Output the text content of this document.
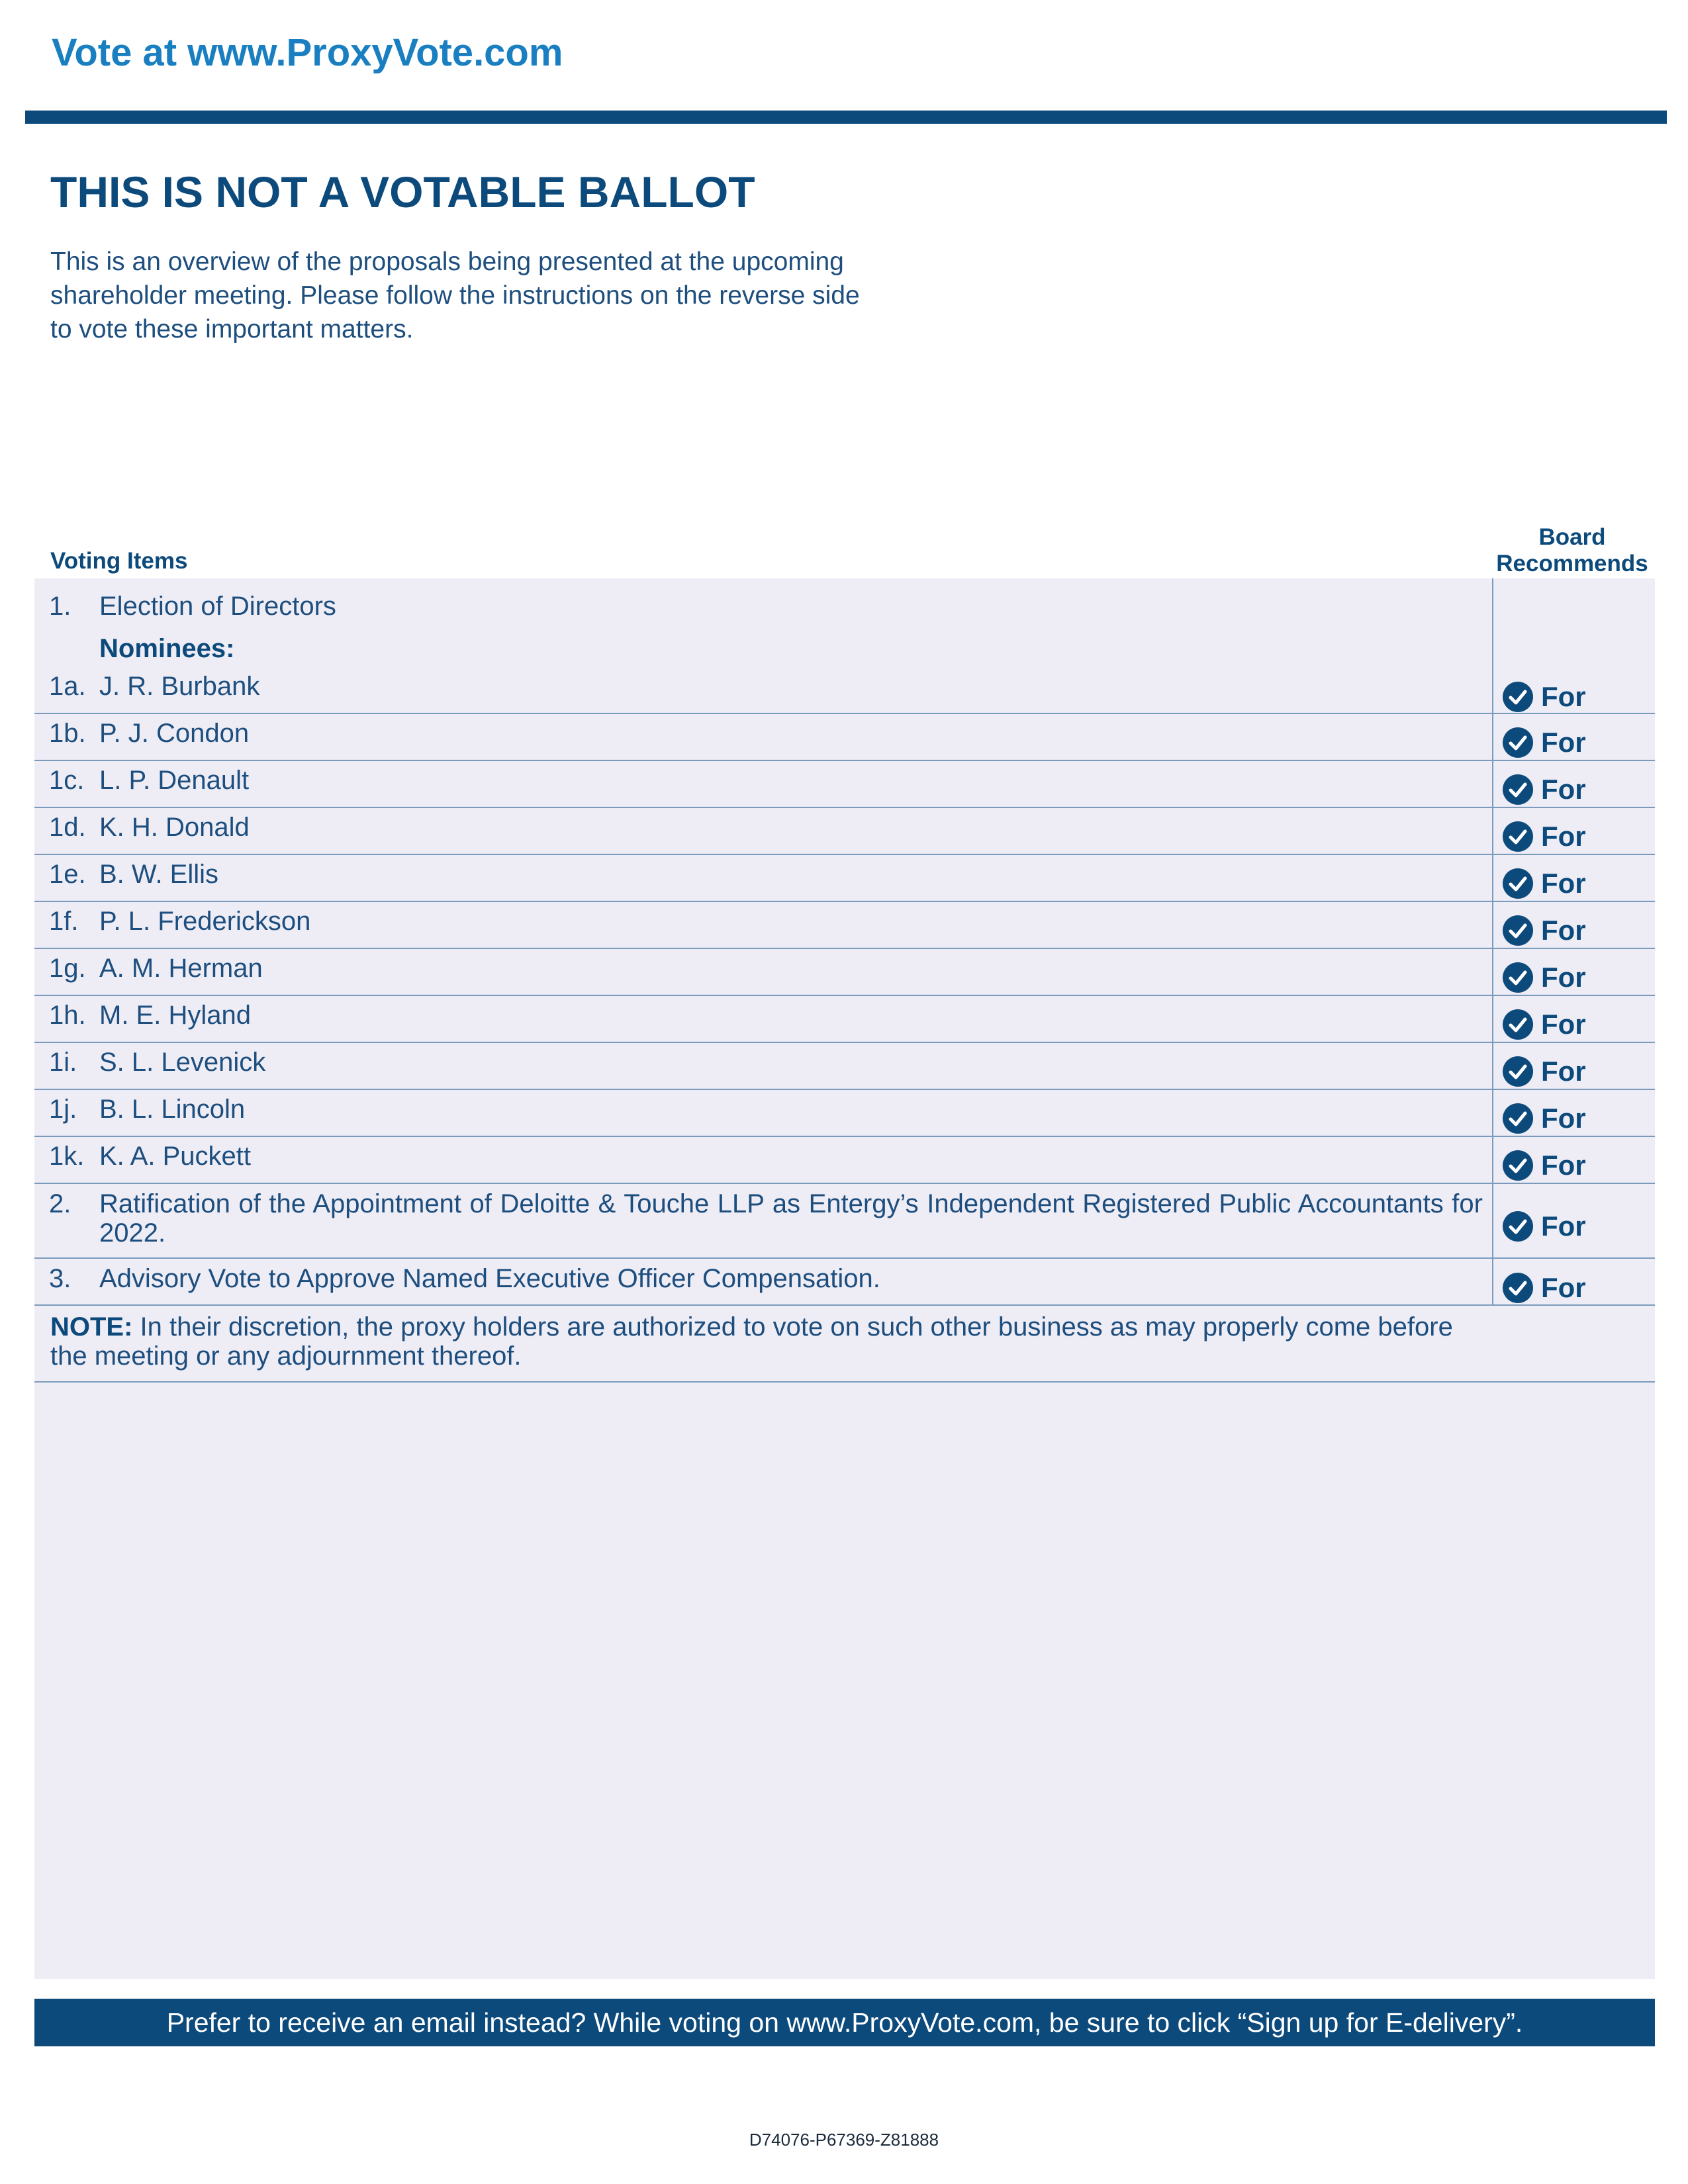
Vote at www.ProxyVote.com
THIS IS NOT A VOTABLE BALLOT
This is an overview of the proposals being presented at the upcoming shareholder meeting. Please follow the instructions on the reverse side to vote these important matters.
Voting Items
Board
Recommends
1. Election of Directors
Nominees:
1a. J. R. Burbank	For
1b. P. J. Condon	For
1c. L. P. Denault	For
1d. K. H. Donald	For
1e. B. W. Ellis	For
1f. P. L. Frederickson	For
1g. A. M. Herman	For
1h. M. E. Hyland	For
1i. S. L. Levenick	For
1j. B. L. Lincoln	For
1k. K. A. Puckett	For
2. Ratification of the Appointment of Deloitte & Touche LLP as Entergy’s Independent Registered Public Accountants for 2022.	For
3. Advisory Vote to Approve Named Executive Officer Compensation.	For
NOTE: In their discretion, the proxy holders are authorized to vote on such other business as may properly come before the meeting or any adjournment thereof.
Prefer to receive an email instead? While voting on www.ProxyVote.com, be sure to click “Sign up for E-delivery”.
D74076-P67369-Z81888
